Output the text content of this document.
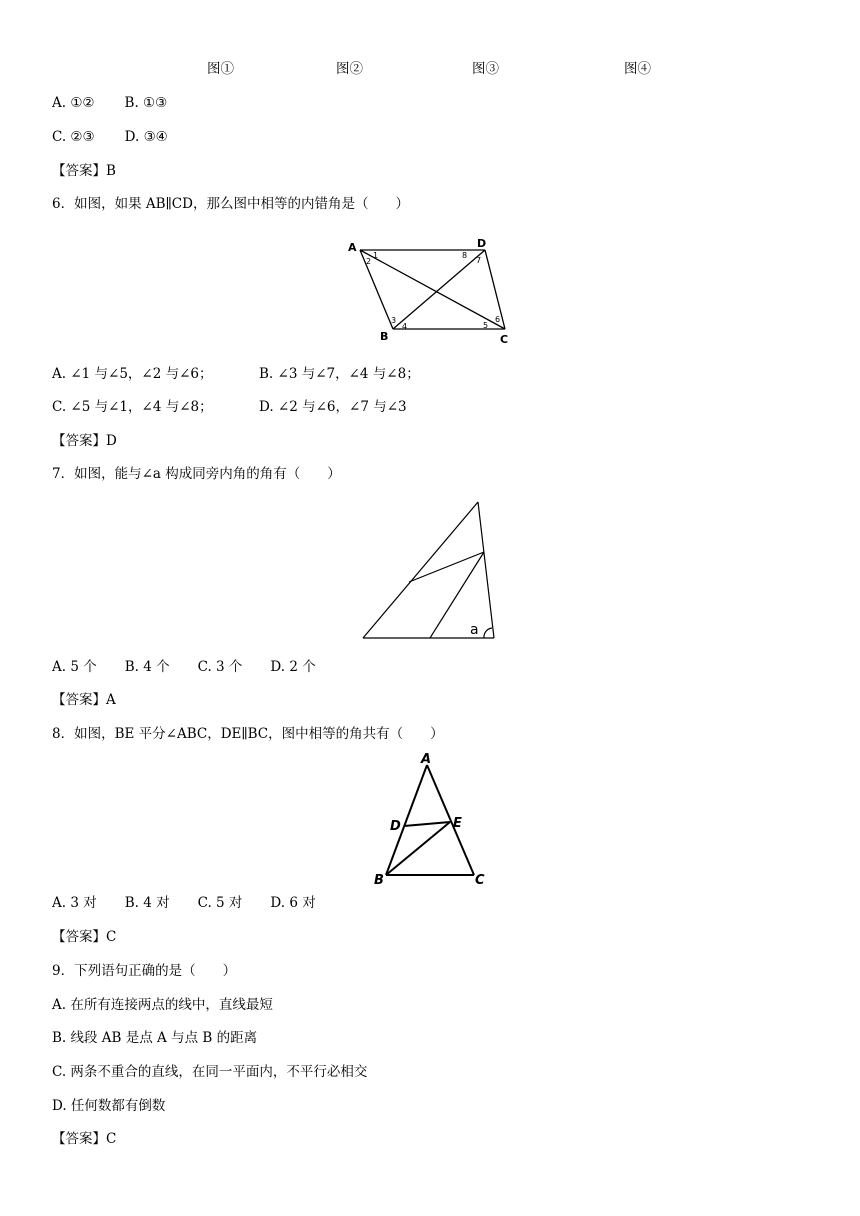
图①	图②	图③	图④
A. ①② B. ①③
C. ②③ D. ③④
【答案】B
6．如图，如果 AB∥CD，那么图中相等的内错角是（　　）
A	D
B	C
1
2
3
4	5
6
7
8
A. ∠1 与∠5，∠2 与∠6；	B. ∠3 与∠7，∠4 与∠8；
C. ∠5 与∠1，∠4 与∠8；	D. ∠2 与∠6，∠7 与∠3
【答案】D
7．如图，能与∠a 构成同旁内角的角有（　　）
a
A. 5 个 B. 4 个 C. 3 个 D. 2 个
【答案】A
8．如图，BE 平分∠ABC，DE∥BC，图中相等的角共有（　　）
A
D	E
B	C
A. 3 对 B. 4 对 C. 5 对 D. 6 对
【答案】C
9．下列语句正确的是（　　）
A. 在所有连接两点的线中，直线最短
B. 线段 AB 是点 A 与点 B 的距离
C. 两条不重合的直线，在同一平面内，不平行必相交
D. 任何数都有倒数
【答案】C
